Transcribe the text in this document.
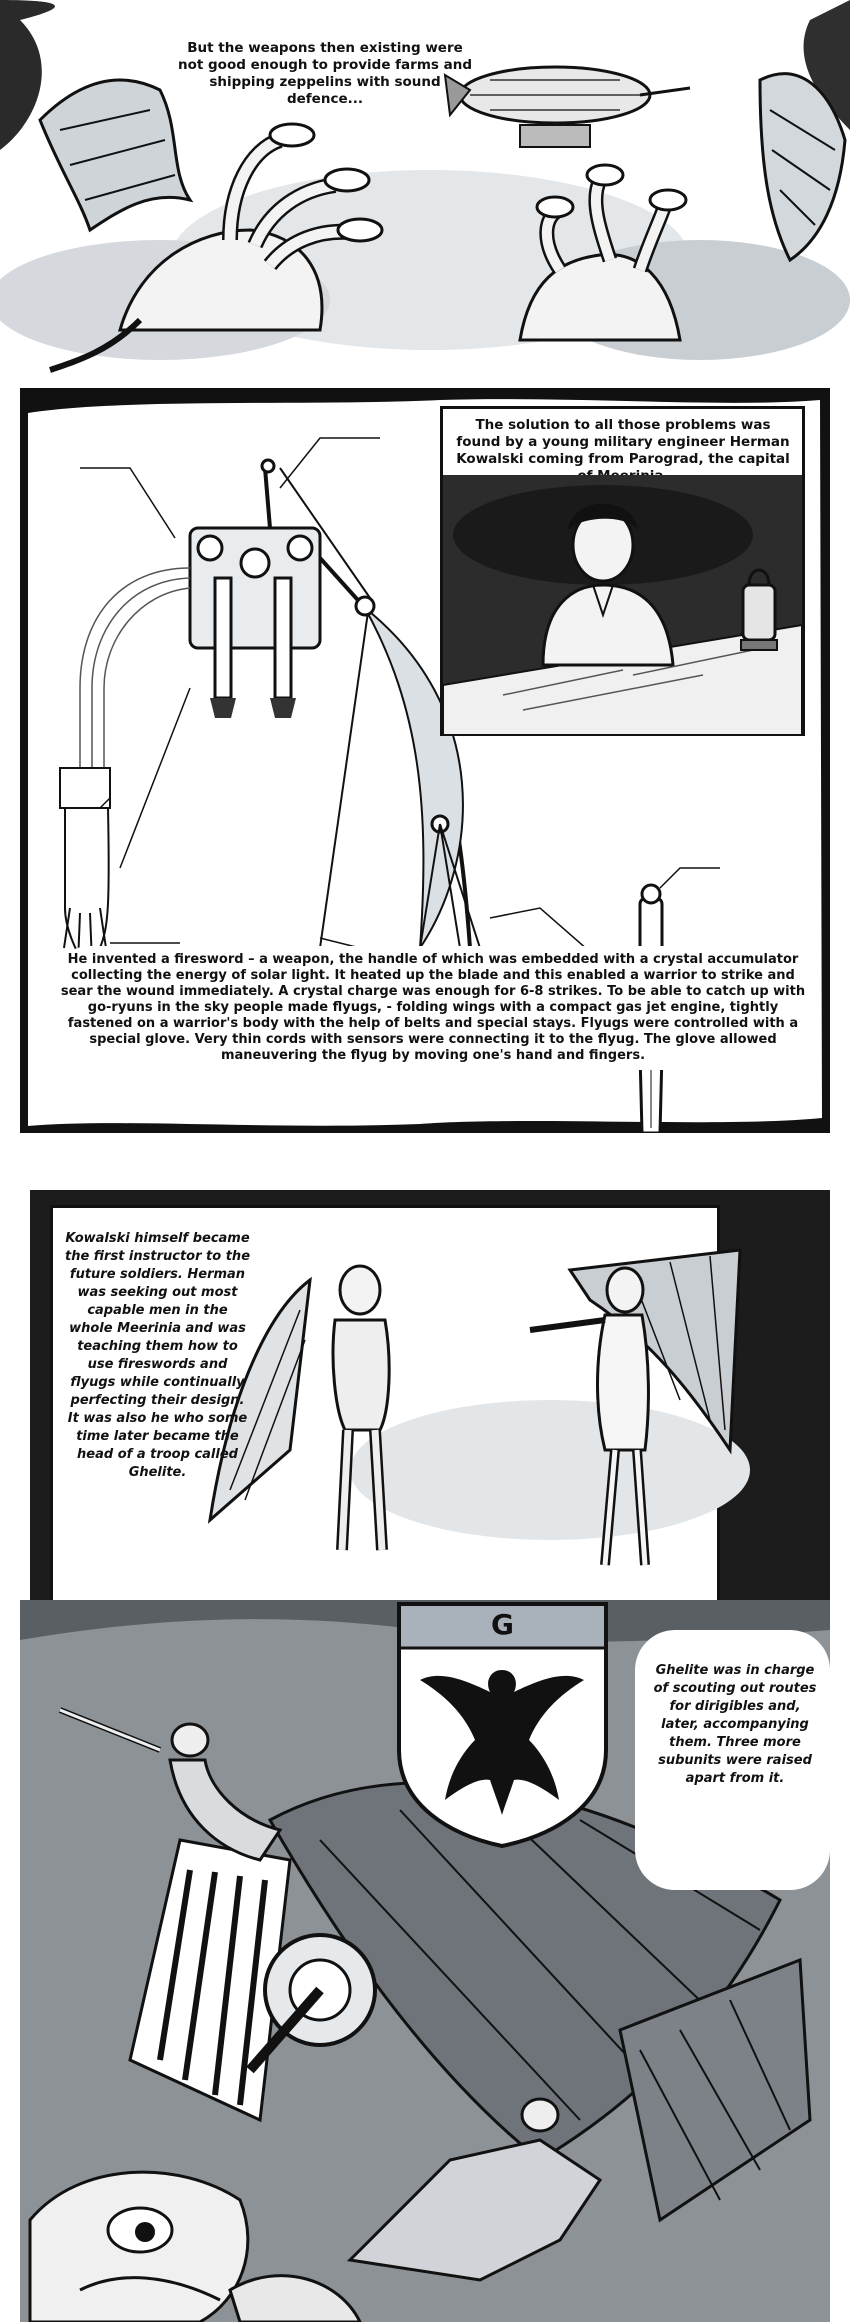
But the weapons then existing were not good enough to provide farms and shipping zeppelins with sound defence...
The solution to all those problems was found by a young military engineer Herman Kowalski coming from Parograd, the capital
He invented a firesword – a weapon, the handle of which was embedded with a crystal accumulator collecting the energy of solar light. It heated up the blade and this enabled a warrior to strike and sear the wound immediately. A crystal charge was enough for 6-8 strikes. To be able to catch up with go-ryuns in the sky people made flyugs, - folding wings with a compact gas jet engine, tightly fastened on a warrior's body with the help of belts and special stays. Flyugs were controlled with a special glove. Very thin cords with sensors were connecting it to the flyug. The glove allowed maneuvering the flyug by moving one's hand and fingers.
Kowalski himself became the first instructor to the future soldiers. Herman was seeking out most capable men in the whole Meerinia and was teaching them how to use fireswords and flyugs while continually perfecting their design. It was also he who some time later became the head of a troop called Ghelite.
G
Ghelite was in charge of scouting out routes for dirigibles and, later, accompanying them. Three more subunits were raised apart from it.
